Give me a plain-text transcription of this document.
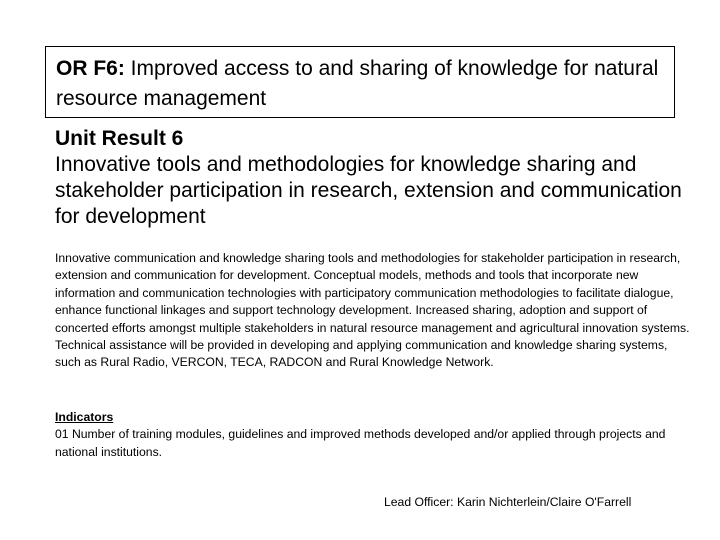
OR F6: Improved access to and sharing of knowledge for natural resource management
Unit Result 6
Innovative tools and methodologies for knowledge sharing and stakeholder participation in research, extension and communication for development
Innovative communication and knowledge sharing tools and methodologies for stakeholder participation in research, extension and communication for development. Conceptual models, methods and tools that incorporate new information and communication technologies with participatory communication methodologies to facilitate dialogue, enhance functional linkages and support technology development. Increased sharing, adoption and support of concerted efforts amongst multiple stakeholders in natural resource management and agricultural innovation systems. Technical assistance will be provided in developing and applying communication and knowledge sharing systems, such as Rural Radio, VERCON, TECA, RADCON and Rural Knowledge Network.
Indicators
01 Number of training modules, guidelines and improved methods developed and/or applied through projects and national institutions.
Lead Officer: Karin Nichterlein/Claire O'Farrell
